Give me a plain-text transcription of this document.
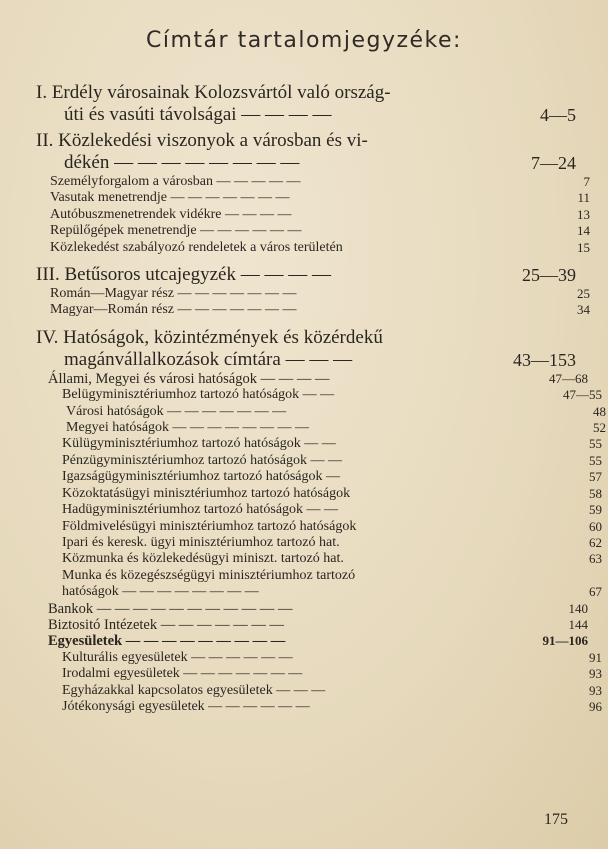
Címtár tartalomjegyzéke:
I. Erdély városainak Kolozsvártól való ország-
úti és vasúti távolságai — — — —	4—5
II. Közlekedési viszonyok a városban és vi-
dékén — — — — — — — —	7—24
Személyforgalom a városban — — — — —	7
Vasutak menetrendje — — — — — — —	11
Autóbuszmenetrendek vidékre — — — —	13
Repülőgépek menetrendje — — — — — —	14
Közlekedést szabályozó rendeletek a város területén	15
III. Betűsoros utcajegyzék — — — —	25—39
Román—Magyar rész — — — — — — —	25
Magyar—Román rész — — — — — — —	34
IV. Hatóságok, közintézmények és közérdekű
magánvállalkozások címtára — — —	43—153
Állami, Megyei és városi hatóságok — — — —	47—68
Belügyminisztériumhoz tartozó hatóságok — —	47—55
Városi hatóságok — — — — — — —	48
Megyei hatóságok — — — — — — — —	52
Külügyminisztériumhoz tartozó hatóságok — —	55
Pénzügyminisztériumhoz tartozó hatóságok — —	55
Igazságügyminisztériumhoz tartozó hatóságok —	57
Közoktatásügyi minisztériumhoz tartozó hatóságok	58
Hadügyminisztériumhoz tartozó hatóságok — —	59
Földmivelésügyi minisztériumhoz tartozó hatóságok	60
Ipari és keresk. ügyi minisztériumhoz tartozó hat.	62
Közmunka és közlekedésügyi miniszt. tartozó hat.	63
Munka és közegészségügyi minisztériumhoz tartozó
hatóságok — — — — — — — —	67
Bankok — — — — — — — — — — —	140
Biztositó Intézetek — — — — — — —	144
Egyesületek — — — — — — — — —	91—106
Kulturális egyesületek — — — — — —	91
Irodalmi egyesületek — — — — — — —	93
Egyházakkal kapcsolatos egyesületek — — —	93
Jótékonysági egyesületek — — — — — —	96
175
